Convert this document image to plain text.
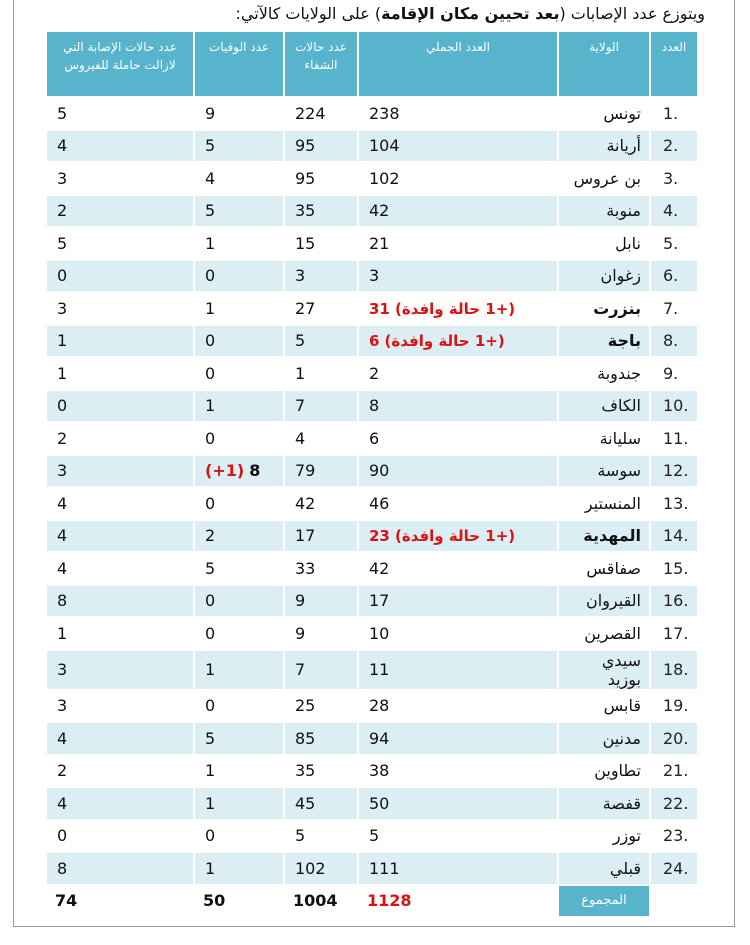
ويتوزع عدد الإصابات (بعد تحيين مكان الإقامة) على الولايات كالآتي:
العدد	الولاية	العدد الجملي	عدد حالات الشفاء	عدد الوفيات	عدد حالات الإصابة التي لازالت حاملة للفيروس
1.	تونس	238	224	9	5
2.	أريانة	104	95	5	4
3.	بن عروس	102	95	4	3
4.	منوبة	42	35	5	2
5.	نابل	21	15	1	5
6.	زغوان	3	3	0	0
7.	بنزرت	31 (+1 حالة وافدة)	27	1	3
8.	باجة	6 (+1 حالة وافدة)	5	0	1
9.	جندوبة	2	1	0	1
10.	الكاف	8	7	1	0
11.	سليانة	6	4	0	2
12.	سوسة	90	79	(+1) 8	3
13.	المنستير	46	42	0	4
14.	المهدية	23 (+1 حالة وافدة)	17	2	4
15.	صفاقس	42	33	5	4
16.	القيروان	17	9	0	8
17.	القصرين	10	9	0	1
18.	سيدي بوزيد	11	7	1	3
19.	قابس	28	25	0	3
20.	مدنين	94	85	5	4
21.	تطاوين	38	35	1	2
22.	قفصة	50	45	1	4
23.	توزر	5	5	0	0
24.	قبلي	111	102	1	8
	المجموع	1128	1004	50	74
